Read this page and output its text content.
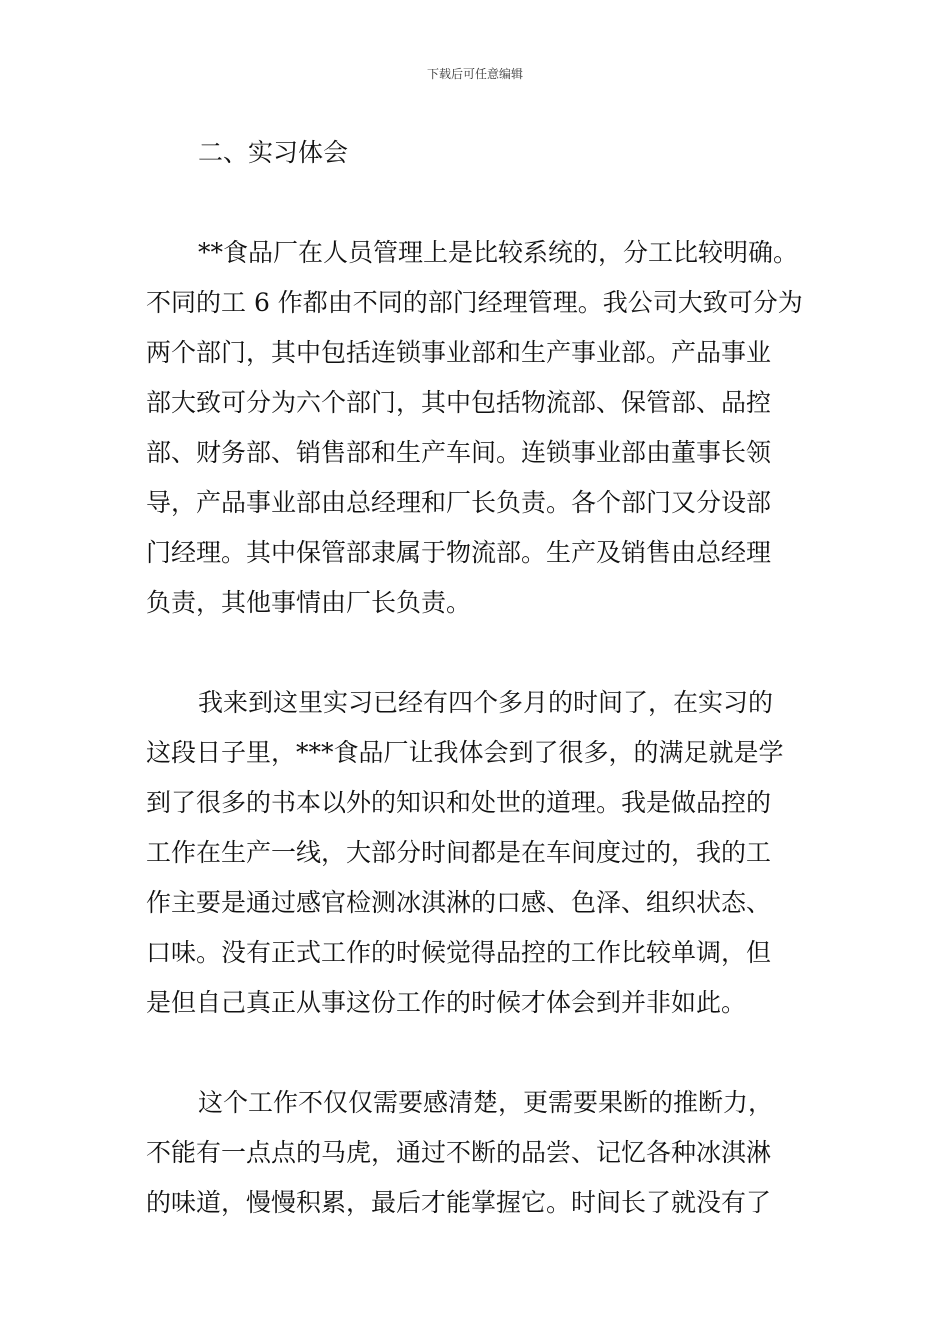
下载后可任意编辑
二、实习体会

**食品厂在人员管理上是比较系统的，分工比较明确。
不同的工 6 作都由不同的部门经理管理。我公司大致可分为
两个部门，其中包括连锁事业部和生产事业部。产品事业
部大致可分为六个部门，其中包括物流部、保管部、品控
部、财务部、销售部和生产车间。连锁事业部由董事长领
导，产品事业部由总经理和厂长负责。各个部门又分设部
门经理。其中保管部隶属于物流部。生产及销售由总经理
负责，其他事情由厂长负责。

我来到这里实习已经有四个多月的时间了，在实习的
这段日子里，***食品厂让我体会到了很多，的满足就是学
到了很多的书本以外的知识和处世的道理。我是做品控的
工作在生产一线，大部分时间都是在车间度过的，我的工
作主要是通过感官检测冰淇淋的口感、色泽、组织状态、
口味。没有正式工作的时候觉得品控的工作比较单调，但
是但自己真正从事这份工作的时候才体会到并非如此。

这个工作不仅仅需要感清楚，更需要果断的推断力，
不能有一点点的马虎，通过不断的品尝、记忆各种冰淇淋
的味道，慢慢积累，最后才能掌握它。时间长了就没有了
